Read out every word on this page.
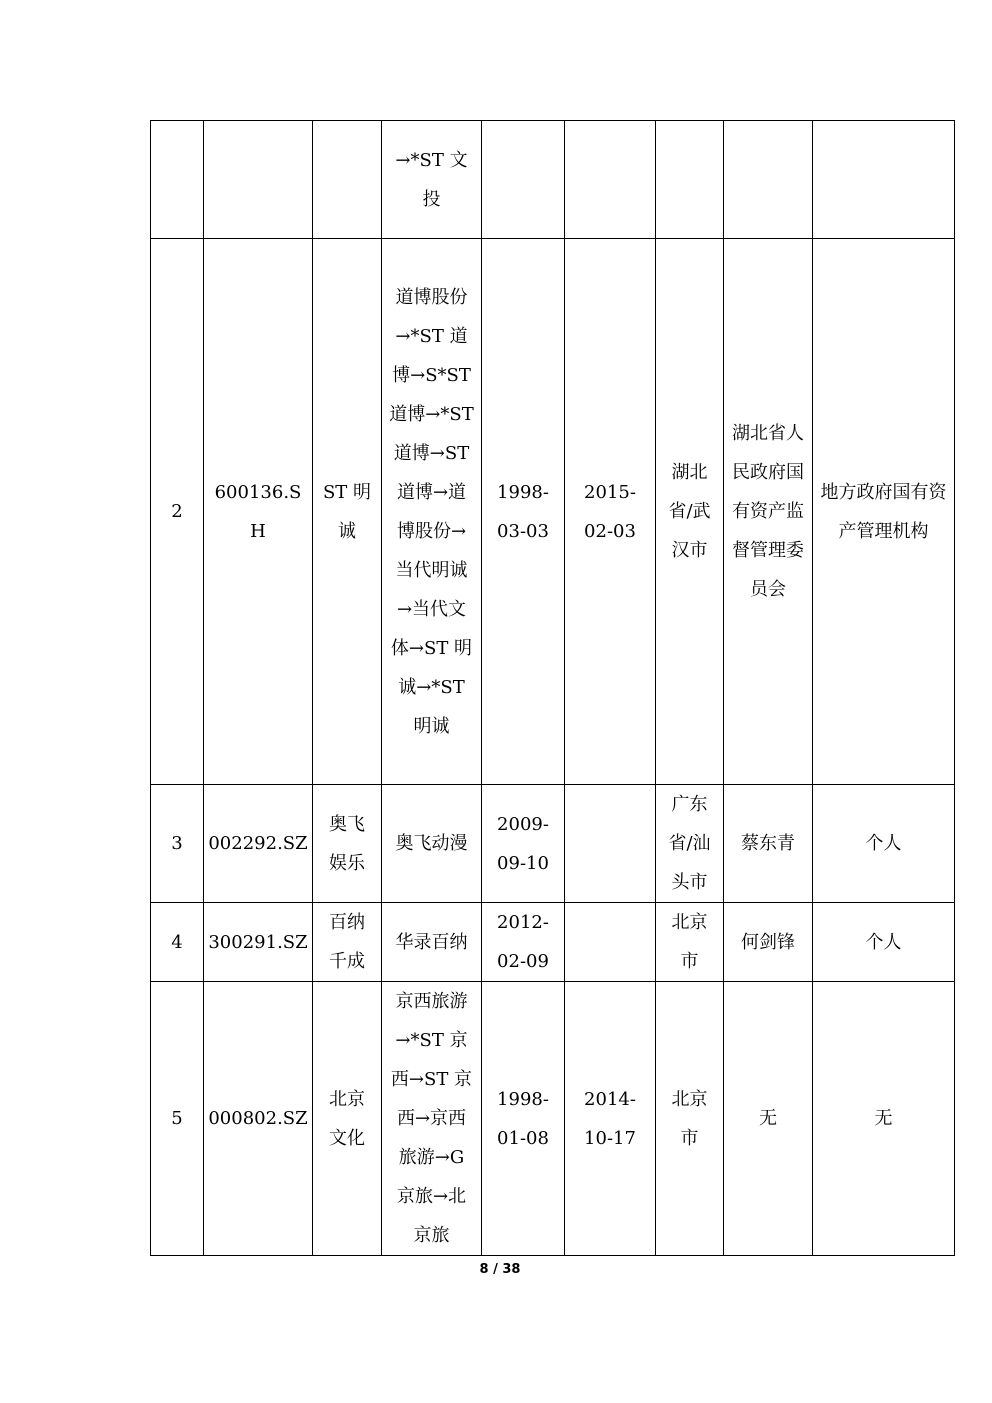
			→*ST 文投					
2	600136.SH	ST 明诚	道博股份→*ST 道博→S*ST 道博→*ST 道博→ST 道博→道博股份→当代明诚→当代文体→ST 明诚→*ST 明诚	1998-03-03	2015-02-03	湖北省/武汉市	湖北省人民政府国有资产监督管理委员会	地方政府国有资产管理机构
3	002292.SZ	奥飞娱乐	奥飞动漫	2009-09-10		广东省/汕头市	蔡东青	个人
4	300291.SZ	百纳千成	华录百纳	2012-02-09		北京市	何剑锋	个人
5	000802.SZ	北京文化	京西旅游→*ST 京西→ST 京西→京西旅游→G 京旅→北京旅	1998-01-08	2014-10-17	北京市	无	无
8 / 38
